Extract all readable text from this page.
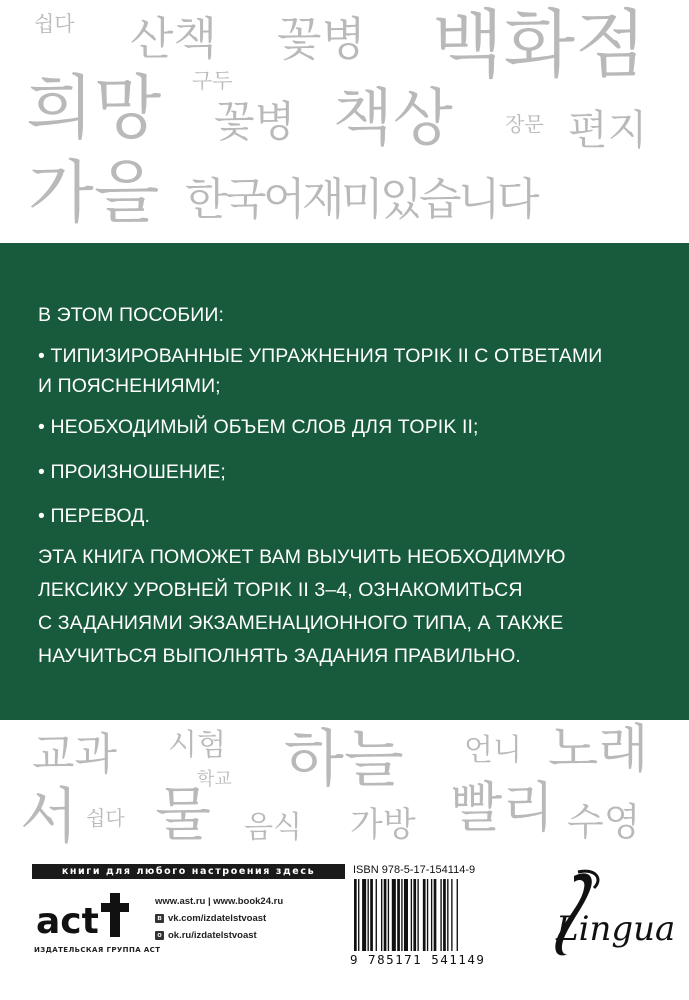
쉽다 산책 꽃병 백화점
희망 구두
꽃병 책상	장문 편지
가을 한국어재미있습니다
В ЭТОМ ПОСОБИИ:
• ТИПИЗИРОВАННЫЕ УПРАЖНЕНИЯ TOPIK II С ОТВЕТАМИ
И ПОЯСНЕНИЯМИ;
• НЕОБХОДИМЫЙ ОБЪЕМ СЛОВ ДЛЯ TOPIK II;
• ПРОИЗНОШЕНИЕ;
• ПЕРЕВОД.
ЭТА КНИГА ПОМОЖЕТ ВАМ ВЫУЧИТЬ НЕОБХОДИМУЮ
ЛЕКСИКУ УРОВНЕЙ TOPIK II 3–4, ОЗНАКОМИТЬСЯ
С ЗАДАНИЯМИ ЭКЗАМЕНАЦИОННОГО ТИПА, А ТАКЖЕ
НАУЧИТЬСЯ ВЫПОЛНЯТЬ ЗАДАНИЯ ПРАВИЛЬНО.
교과 시험 하늘 언니 노래
학교
서 쉽다 물 음식 가방 빨리 수영
книги для любого настроения здесь
act
ИЗДАТЕЛЬСКАЯ ГРУППА АСТ
www.ast.ru | www.book24.ru
в vk.com/izdatelstvoast
о ok.ru/izdatelstvoast
ISBN 978-5-17-154114-9
9 785171 541149
Lingua
